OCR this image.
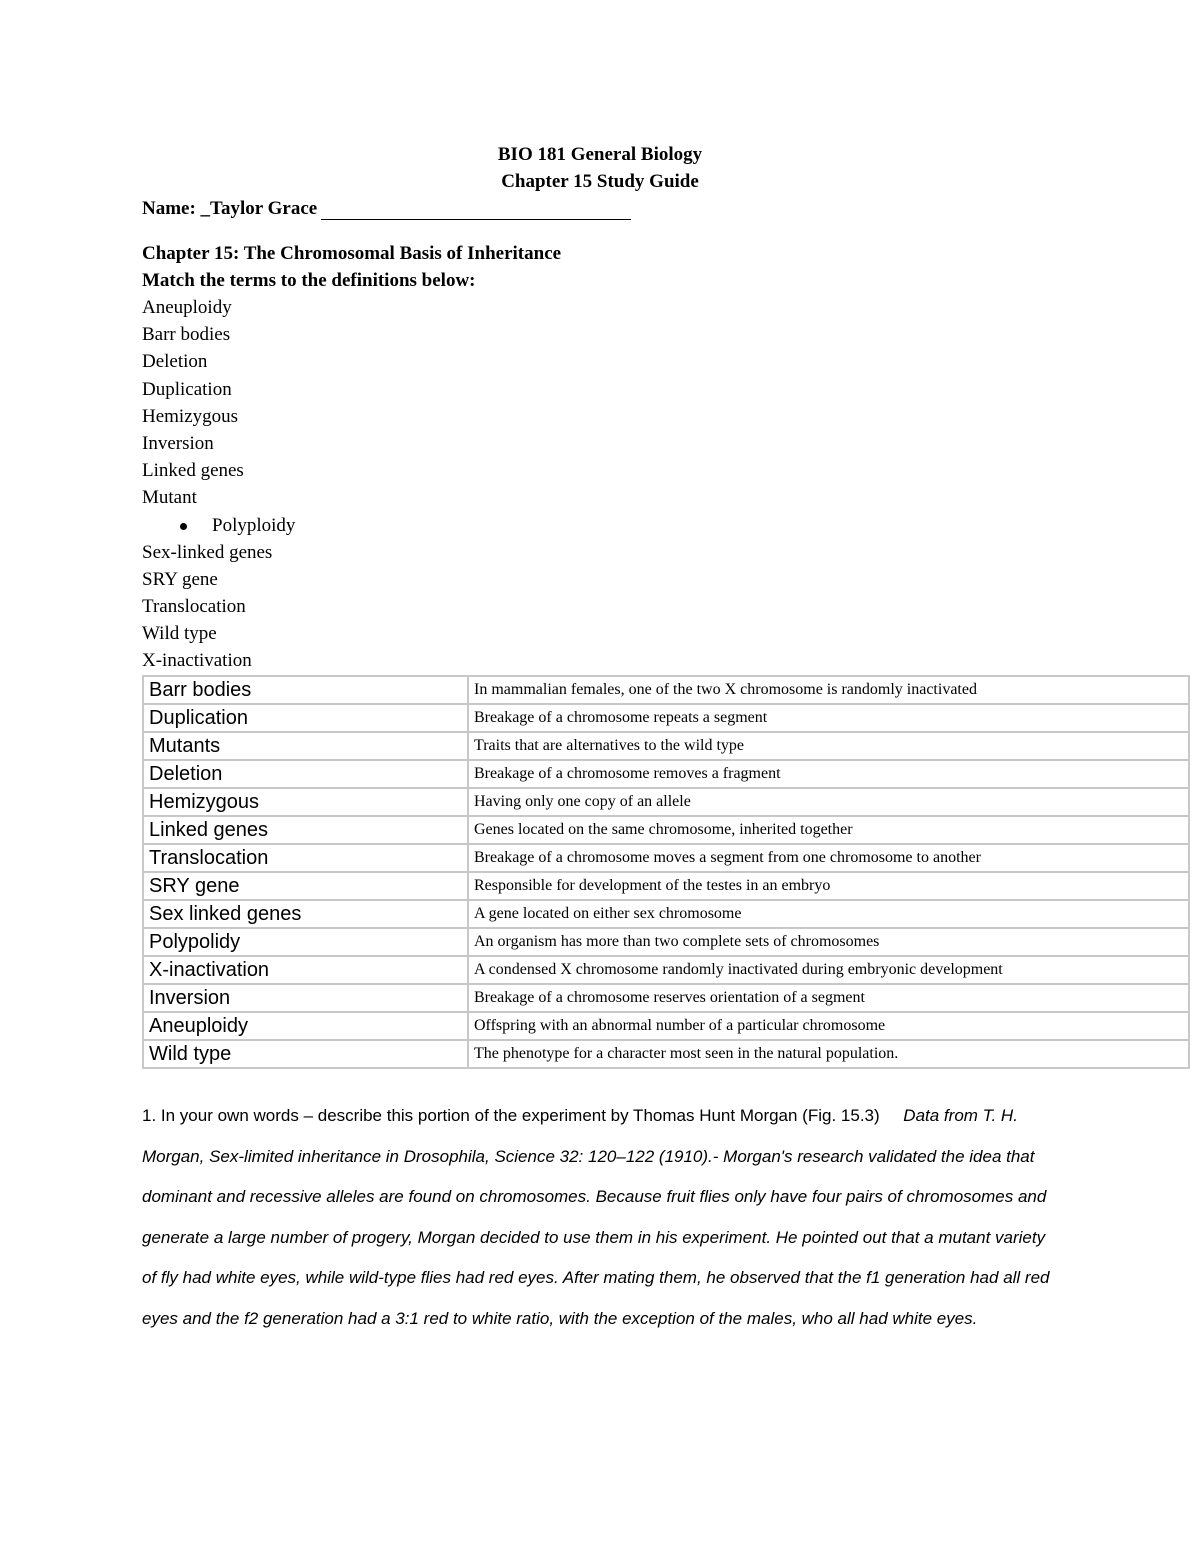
BIO 181 General Biology
Chapter 15 Study Guide
Name: _Taylor Grace
Chapter 15: The Chromosomal Basis of Inheritance
Match the terms to the definitions below:
Aneuploidy
Barr bodies
Deletion
Duplication
Hemizygous
Inversion
Linked genes
Mutant
Polyploidy
Sex-linked genes
SRY gene
Translocation
Wild type
X-inactivation
Barr bodies	In mammalian females, one of the two X chromosome is randomly inactivated
Duplication	Breakage of a chromosome repeats a segment
Mutants	Traits that are alternatives to the wild type
Deletion	Breakage of a chromosome removes a fragment
Hemizygous	Having only one copy of an allele
Linked genes	Genes located on the same chromosome, inherited together
Translocation	Breakage of a chromosome moves a segment from one chromosome to another
SRY gene	Responsible for development of the testes in an embryo
Sex linked genes	A gene located on either sex chromosome
Polypolidy	An organism has more than two complete sets of chromosomes
X-inactivation	A condensed X chromosome randomly inactivated during embryonic development
Inversion	Breakage of a chromosome reserves orientation of a segment
Aneuploidy	Offspring with an abnormal number of a particular chromosome
Wild type	The phenotype for a character most seen in the natural population.

1. In your own words – describe this portion of the experiment by Thomas Hunt Morgan (Fig. 15.3) Data from T. H. Morgan, Sex-limited inheritance in Drosophila, Science 32: 120–122 (1910).- Morgan's research validated the idea that dominant and recessive alleles are found on chromosomes. Because fruit flies only have four pairs of chromosomes and generate a large number of progery, Morgan decided to use them in his experiment. He pointed out that a mutant variety of fly had white eyes, while wild-type flies had red eyes. After mating them, he observed that the f1 generation had all red eyes and the f2 generation had a 3:1 red to white ratio, with the exception of the males, who all had white eyes.
